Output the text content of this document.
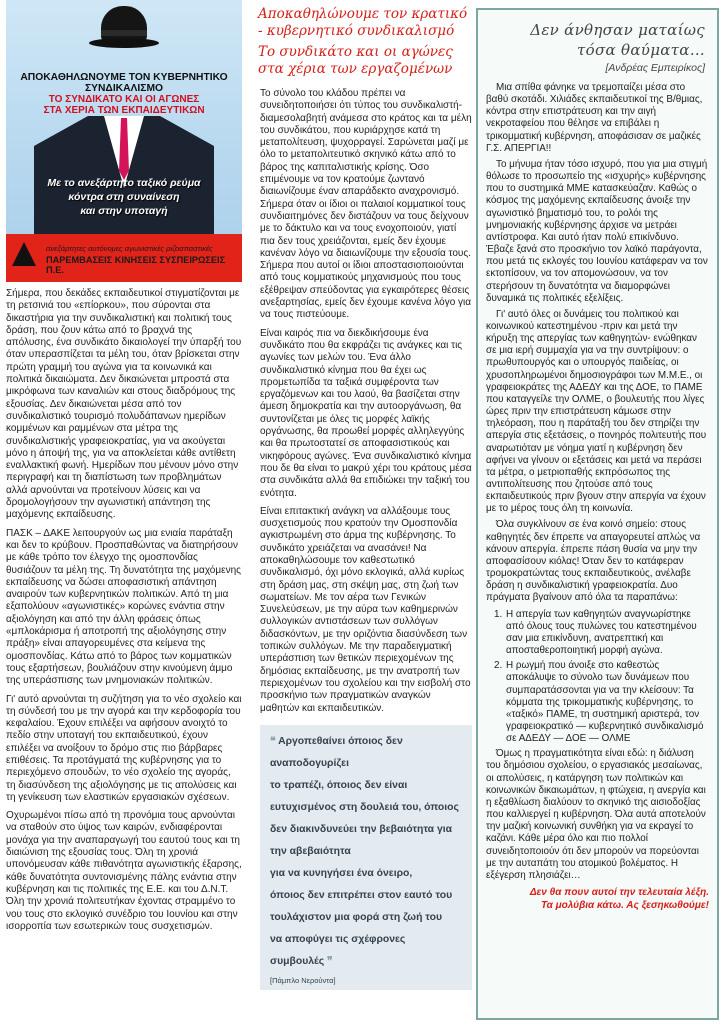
ΑΠΟΚΑΘΗΛΩΝΟΥΜΕ ΤΟΝ ΚΥΒΕΡΝΗΤΙΚΟ ΣΥΝΔΙΚΑΛΙΣΜΟ
ΤΟ ΣΥΝΔΙΚΑΤΟ ΚΑΙ ΟΙ ΑΓΩΝΕΣ
ΣΤΑ ΧΕΡΙΑ ΤΩΝ ΕΚΠΑΙΔΕΥΤΙΚΩΝ
Με το ανεξάρτητο ταξικό ρεύμα
κόντρα στη συναίνεση
και στην υποταγή
ανεξάρτητες αυτόνομες αγωνιστικές ριζοσπαστικές
ΠΑΡΕΜΒΑΣΕΙΣ ΚΙΝΗΣΕΙΣ ΣΥΣΠΕΙΡΩΣΕΙΣ Π.Ε.

Σήμερα, που δεκάδες εκπαιδευτικοί στιγματίζονται με τη ρετσινιά του «επίορκου», που σύρονται στα δικαστήρια για την συνδικαλιστική και πολιτική τους δράση, που ζουν κάτω από το βραχνά της απόλυσης, ένα συνδικάτο δικαιολογεί την ύπαρξή του όταν υπερασπίζεται τα μέλη του, όταν βρίσκεται στην πρώτη γραμμή του αγώνα για τα κοινωνικά και πολιτικά δικαιώματα. Δεν δικαιώνεται μπροστά στα μικρόφωνα των καναλιών και στους διαδρόμους της εξουσίας. Δεν δικαιώνεται μέσα από τον συνδικαλιστικό τουρισμό πολυδάπανων ημερίδων κομμένων και ραμμένων στα μέτρα της συνδικαλιστικής γραφειοκρατίας, για να ακούγεται μόνο η άποψή της, για να αποκλείεται κάθε αντίθετη εναλλακτική φωνή. Ημερίδων που μένουν μόνο στην περιγραφή και τη διαπίστωση των προβλημάτων αλλά αρνούνται να προτείνουν λύσεις και να δρομολογήσουν την αγωνιστική απάντηση της μαχόμενης εκπαίδευσης.

ΠΑΣΚ – ΔΑΚΕ λειτουργούν ως μια ενιαία παράταξη και δεν το κρύβουν. Προσπαθώντας να διατηρήσουν με κάθε τρόπο τον έλεγχο της ομοσπονδίας θυσιάζουν τα μέλη της. Τη δυνατότητα της μαχόμενης εκπαίδευσης να δώσει αποφασιστική απάντηση αναιρούν των κυβερνητικών πολιτικών. Από τη μια εξαπολύουν «αγωνιστικές» κορώνες ενάντια στην αξιολόγηση και από την άλλη φράσεις όπως «μπλοκάρισμα ή αποτροπή της αξιολόγησης στην πράξη» είναι απαγορευμένες στα κείμενα της ομοσπονδίας. Κάτω από το βάρος των κομματικών τους εξαρτήσεων, βουλιάζουν στην κινούμενη άμμο της υπεράσπισης των μνημονιακών πολιτικών.

Γι' αυτό αρνούνται τη συζήτηση για το νέο σχολείο και τη σύνδεσή του με την αγορά και την κερδοφορία του κεφαλαίου. Έχουν επιλέξει να αφήσουν ανοιχτό το πεδίο στην υποταγή του εκπαιδευτικού, έχουν επιλέξει να ανοίξουν το δρόμο στις πιο βάρβαρες επιθέσεις. Τα προτάγματά της κυβέρνησης για το περιεχόμενο σπουδών, το νέο σχολείο της αγοράς, τη διασύνδεση της αξιολόγησης με τις απολύσεις και τη γενίκευση των ελαστικών εργασιακών σχέσεων.

Οχυρωμένοι πίσω από τη προνόμια τους αρνούνται να σταθούν στο ύψος των καιρών, ενδιαφέρονται μονάχα για την αναπαραγωγή του εαυτού τους και τη διαιώνιση της εξουσίας τους. Όλη τη χρονιά υπονόμευσαν κάθε πιθανότητα αγωνιστικής έξαρσης, κάθε δυνατότητα συντονισμένης πάλης ενάντια στην κυβέρνηση και τις πολιτικές της Ε.Ε. και του Δ.Ν.Τ. Όλη την χρονιά πολιτευτήκαν έχοντας στραμμένο το νου τους στο εκλογικό συνέδριο του Ιουνίου και στην ισορροπία των εσωτερικών τους συσχετισμών.

Αποκαθηλώνουμε τον κρατικό - κυβερνητικό συνδικαλισμό
Το συνδικάτο και οι αγώνες στα χέρια των εργαζομένων

Το σύνολο του κλάδου πρέπει να συνειδητοποιήσει ότι τύπος του συνδικαλιστή-διαμεσολαβητή ανάμεσα στο κράτος και τα μέλη του συνδικάτου, που κυριάρχησε κατά τη μεταπολίτευση, ψυχορραγεί. Σαρώνεται μαζί με όλο το μεταπολιτευτικό σκηνικό κάτω από το βάρος της καπιταλιστικής κρίσης. Όσο επιμένουμε να τον κρατούμε ζωντανό διαιωνίζουμε έναν απαράδεκτο αναχρονισμό. Σήμερα όταν οι ίδιοι οι παλαιοί κομματικοί τους συνδιαιτημόνες δεν διστάζουν να τους δείχνουν με το δάκτυλο και να τους ενοχοποιούν, γιατί πια δεν τους χρειάζονται, εμείς δεν έχουμε κανέναν λόγο να διαιωνίζουμε την εξουσία τους. Σήμερα που αυτοί οι ίδιοι αποστασιοποιούνται από τους κομματικούς μηχανισμούς που τους εξέθρεψαν σπεύδοντας για εγκαιρότερες θέσεις ανεξαρτησίας, εμείς δεν έχουμε κανένα λόγο για να τους πιστεύουμε.

Είναι καιρός πια να διεκδικήσουμε ένα συνδικάτο που θα εκφράζει τις ανάγκες και τις αγωνίες των μελών του. Ένα άλλο συνδικαλιστικό κίνημα που θα έχει ως προμετωπίδα τα ταξικά συμφέροντα των εργαζόμενων και του λαού, θα βασίζεται στην άμεση δημοκρατία και την αυτοοργάνωση, θα συντονίζεται με όλες τις μορφές λαϊκής οργάνωσης, θα προωθεί μορφές αλληλεγγύης και θα πρωτοστατεί σε αποφασιστικούς και νικηφόρους αγώνες. Ένα συνδικαλιστικό κίνημα που δε θα είναι το μακρύ χέρι του κράτους μέσα στα συνδικάτα αλλά θα επιδιώκει την ταξική του ενότητα.

Είναι επιτακτική ανάγκη να αλλάξουμε τους συσχετισμούς που κρατούν την Ομοσπονδία αγκιστρωμένη στο άρμα της κυβέρνησης. Το συνδικάτο χρειάζεται να ανασάνει! Να αποκαθηλώσουμε τον καθεστωτικό συνδικαλισμό, όχι μόνο εκλογικά, αλλά κυρίως στη δράση μας, στη σκέψη μας, στη ζωή των σωματείων. Με τον αέρα των Γενικών Συνελεύσεων, με την αύρα των καθημερινών συλλογικών αντιστάσεων των συλλόγων διδασκόντων, με την οριζόντια διασύνδεση των τοπικών συλλόγων. Με την παραδειγματική υπεράσπιση των θετικών περιεχομένων της δημόσιας εκπαίδευσης, με την ανατροπή των περιεχομένων του σχολείου και την εισβολή στο προσκήνιο των πραγματικών αναγκών μαθητών και εκπαιδευτικών.

❝ Αργοπεθαίνει όποιος δεν
αναποδογυρίζει
το τραπέζι, όποιος δεν είναι
ευτυχισμένος στη δουλειά του, όποιος
δεν διακινδυνεύει την βεβαιότητα για
την αβεβαιότητα
για να κυνηγήσει ένα όνειρο,
όποιος δεν επιτρέπει στον εαυτό του
τουλάχιστον μια φορά στη ζωή του
να αποφύγει τις σχέφρονες
συμβουλές ❞
[Πάμπλο Νερούντα]
Δεν άνθησαν ματαίως
τόσα θαύματα…
[Ανδρέας Εμπειρίκος]

Μια σπίθα φάνηκε να τρεμοπαίζει μέσα στο βαθύ σκοτάδι. Χιλιάδες εκπαιδευτικοί της Β/θμιας, κόντρα στην επιστράτευση και την αιγή νεκροταφείου που θέλησε να επιβάλει η τρικομματική κυβέρνηση, αποφάσισαν σε μαζικές Γ.Σ. ΑΠΕΡΓΙΑ!!

Το μήνυμα ήταν τόσο ισχυρό, που για μια στιγμή θόλωσε το προσωπείο της «ισχυρής» κυβέρνησης που το συστημικά ΜΜΕ κατασκεύαζαν. Καθώς ο κόσμος της μαχόμενης εκπαίδευσης άνοιξε την αγωνιστικό βηματισμό του, το ρολόι της μνημονιακής κυβέρνησης άρχισε να μετράει αντίστροφα. Και αυτό ήταν πολύ επικίνδυνο. Έβαζε ξανά στο προσκήνιο τον λαϊκό παράγοντα, που μετά τις εκλογές του Ιουνίου κατάφεραν να τον εκτοπίσουν, να τον απομονώσουν, να τον στερήσουν τη δυνατότητα να διαμορφώνει δυναμικά τις πολιτικές εξελίξεις.

Γι' αυτό όλες οι δυνάμεις του πολιτικού και κοινωνικού κατεστημένου -πριν και μετά την κήρυξη της απεργίας των καθηγητών- ενώθηκαν σε μια ιερή συμμαχία για να την συντρίψουν: ο πρωθυπουργός και ο υπουργός παιδείας, οι χρυσοπληρωμένοι δημοσιογράφοι των Μ.Μ.Ε., οι γραφειοκράτες της ΑΔΕΔΥ και της ΔΟΕ, το ΠΑΜΕ που καταγγείλε την ΟΛΜΕ, ο βουλευτής που λίγες ώρες πριν την επιστράτευση κάμωσε στην τηλεόραση, που η παράταξή του δεν στηρίζει την απεργία στις εξετάσεις, ο πονηρός πολιτευτής που αναρωτιόταν με νόημα γιατί η κυβέρνηση δεν αφήνει να γίνουν οι εξετάσεις και μετά να περάσει τα μέτρα, ο μετριοπαθής εκπρόσωπος της αντιπολίτευσης που ζητούσε από τους εκπαιδευτικούς πριν βγουν στην απεργία να έχουν με το μέρος τους όλη τη κοινωνία.

Όλα συγκλίνουν σε ένα κοινό σημείο: στους καθηγητές δεν έπρεπε να απαγορευτεί απλώς να κάνουν απεργία. έπρεπε πάση θυσία να μην την αποφασίσουν κιόλας! Όταν δεν το κατάφεραν τρομοκρατώντας τους εκπαιδευτικούς, ανέλαβε δράση η συνδικαλιστική γραφειοκρατία. Δυο πράγματα βγαίνουν από όλα τα παραπάνω:

1. Η απεργία των καθηγητών αναγνωρίστηκε από όλους τους πυλώνες του κατεστημένου σαν μια επικίνδυνη, ανατρεπτική και αποσταθεροποιητική μορφή αγώνα.
2. Η ρωγμή που άνοιξε στο καθεστώς αποκάλυψε το σύνολο των δυνάμεων που συμπαρατάσσονται για να την κλείσουν: Τα κόμματα της τρικομματικής κυβέρνησης, το «ταξικό» ΠΑΜΕ, τη συστημική αριστερά, τον γραφειοκρατικό — κυβερνητικό συνδικαλισμό σε ΑΔΕΔΥ — ΔΟΕ — ΟΛΜΕ

Όμως η πραγματικότητα είναι εδώ: η διάλυση του δημόσιου σχολείου, ο εργασιακός μεσαίωνας, οι απολύσεις, η κατάργηση των πολιτικών και κοινωνικών δικαιωμάτων, η φτώχεια, η ανεργία και η εξαθλίωση διαλύουν το σκηνικό της αισιοδοξίας που καλλιεργεί η κυβέρνηση. Όλα αυτά αποτελούν την μαζική κοινωνική συνθήκη για να εκραγεί το καζάνι. Κάθε μέρα όλο και πιο πολλοί συνειδητοποιούν ότι δεν μπορούν να πορεύονται με την αυταπάτη του ατομικού βολέματος. Η εξέγερση πλησιάζει…

Δεν θα πουν αυτοί την τελευταία λέξη.
Τα μολύβια κάτω. Ας ξεσηκωθούμε!
